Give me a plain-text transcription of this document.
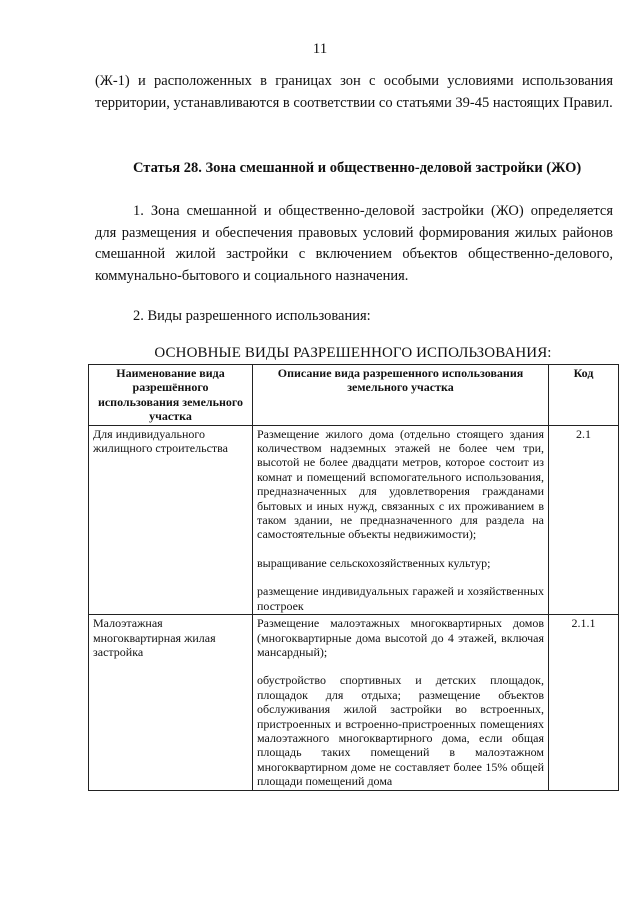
11

(Ж-1) и расположенных в границах зон с особыми условиями использования территории, устанавливаются в соответствии со статьями 39-45 настоящих Правил.

Статья 28. Зона смешанной и общественно-деловой застройки (ЖО)

1. Зона смешанной и общественно-деловой застройки (ЖО) определяется для размещения и обеспечения правовых условий формирования жилых районов смешанной жилой застройки с включением объектов общественно-делового, коммунально-бытового и социального назначения.

2. Виды разрешенного использования:

ОСНОВНЫЕ ВИДЫ РАЗРЕШЕННОГО ИСПОЛЬЗОВАНИЯ:
Наименование вида разрешённого использования земельного участка	Описание вида разрешенного использования земельного участка	Код
Для индивидуального жилищного строительства	Размещение жилого дома (отдельно стоящего здания количеством надземных этажей не более чем три, высотой не более двадцати метров, которое состоит из комнат и помещений вспомогательного использования, предназначенных для удовлетворения гражданами бытовых и иных нужд, связанных с их проживанием в таком здании, не предназначенного для раздела на самостоятельные объекты недвижимости);
выращивание сельскохозяйственных культур;
размещение индивидуальных гаражей и хозяйственных построек	2.1
Малоэтажная многоквартирная жилая застройка	Размещение малоэтажных многоквартирных домов (многоквартирные дома высотой до 4 этажей, включая мансардный);
обустройство спортивных и детских площадок, площадок для отдыха; размещение объектов обслуживания жилой застройки во встроенных, пристроенных и встроенно-пристроенных помещениях малоэтажного многоквартирного дома, если общая площадь таких помещений в малоэтажном многоквартирном доме не составляет более 15% общей площади помещений дома	2.1.1
